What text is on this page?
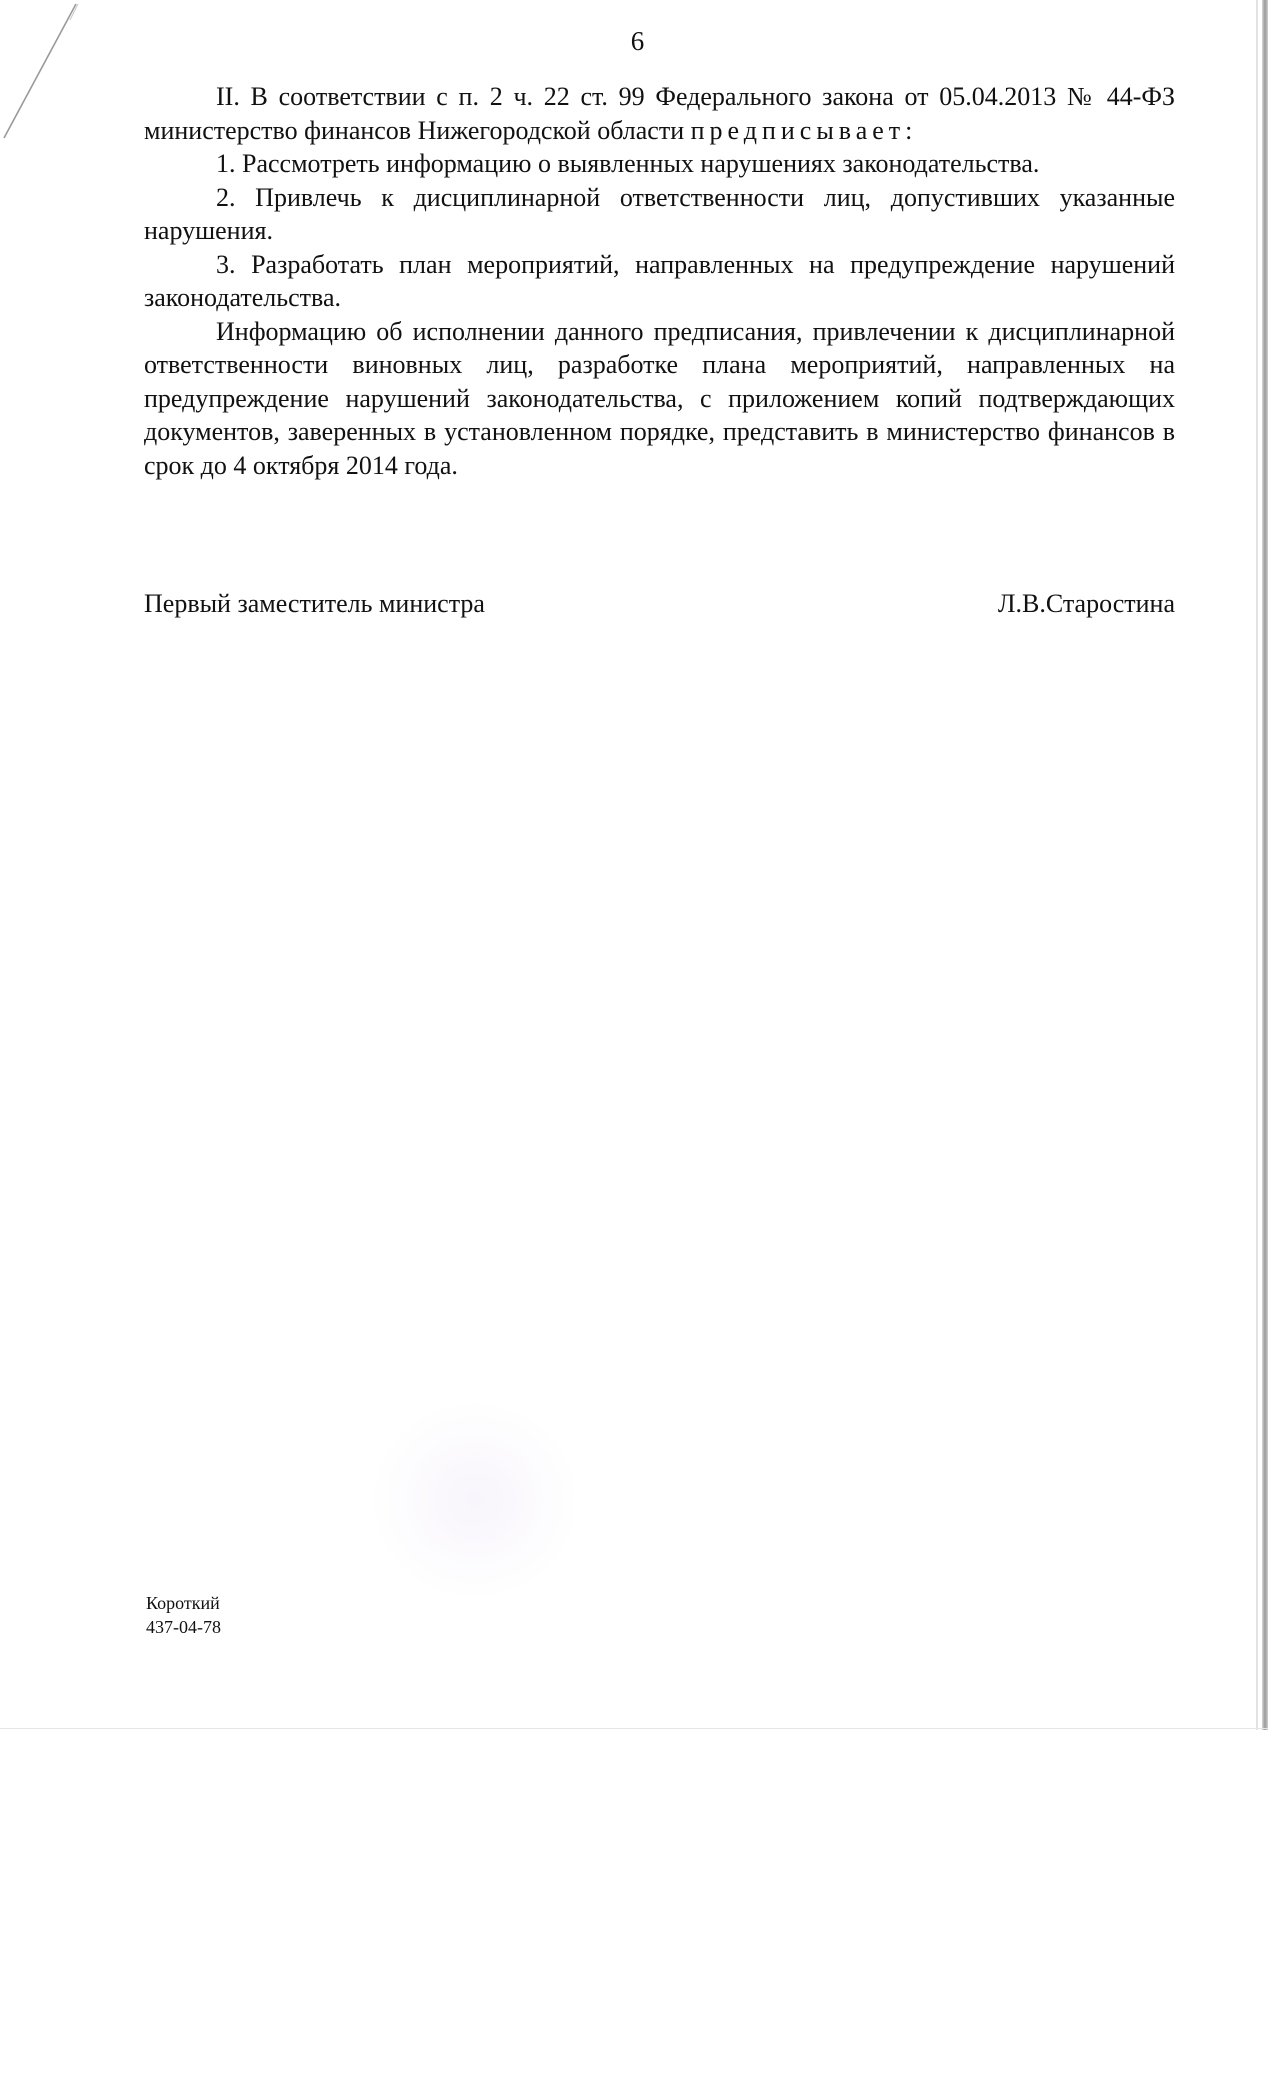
6

II. В соответствии с п. 2 ч. 22 ст. 99 Федерального закона от 05.04.2013 № 44-ФЗ министерство финансов Нижегородской области предписывает:

1. Рассмотреть информацию о выявленных нарушениях законодательства.

2. Привлечь к дисциплинарной ответственности лиц, допустивших указанные нарушения.

3. Разработать план мероприятий, направленных на предупреждение нарушений законодательства.

Информацию об исполнении данного предписания, привлечении к дисциплинарной ответственности виновных лиц, разработке плана мероприятий, направленных на предупреждение нарушений законодательства, с приложением копий подтверждающих документов, заверенных в установленном порядке, представить в министерство финансов в срок до 4 октября 2014 года.

Первый заместитель министра	Л.В.Старостина
Короткий
437-04-78
